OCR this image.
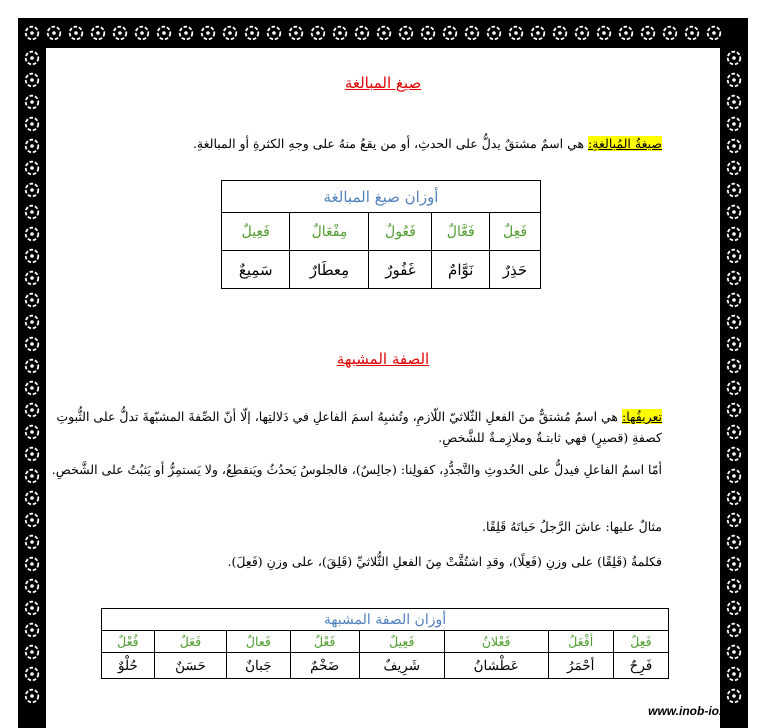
صيغ المبالغة
صيغةُ المُبالغةِ: هي اسمٌ مشتقٌ يدلُّ على الحدثِ، أو من يقعُ منهُ على وجهِ الكثرةِ أو المبالغةِ.
أوزان صيغ المبالغة				
فَعِلٌ	فَعَّالٌ	فَعُولٌ	مِفْعَالٌ	فَعِيلٌ
حَذِرٌ	نَوَّامٌ	غَفُورٌ	مِعطَارٌ	سَمِيعٌ
الصفة المشبهة
تعريفُها: هي اسمٌ مُشتقٌّ منَ الفعلِ الثّلاثيّ اللّازمِ، وتُشبِهُ اسمَ الفاعلِ في دَلالتِها، إلّا أنّ الصِّفةَ المشبّهةَ تدلُّ على الثُّبوتِ كصفةِ (قصيرٍ) فهي ثابتـةٌ وملازِمـةٌ للشَّخصِ.
أمّا اسمُ الفاعلِ فيدلُّ على الحُدوثِ والتَّجدُّدِ، كقولِنا: (جالِسٌ)، فالجلوسُ يَحدُثُ ويَنقطِعُ، ولا يَستمِرُّ أو يَثبُتُ على الشَّخصِ.
مثالٌ عليها: عاشَ الرَّجلُ حَياتَهُ قَلِقًا.
فكلمةُ (قَلِقًا) على وزنِ (فَعِلًا)، وقدِ اشتُقَّتْ مِنَ الفعلِ الثُّلاثيِّ (قَلِقَ)، على وزنِ (فَعِلَ).
أوزان الصفة المشبهة							
فَعِلٌ	أفْعَلُ	فَعْلانُ	فَعِيلٌ	فَعْلٌ	فَعالٌ	فَعَلٌ	فُعْلٌ
فَرِحٌ	أحْمَرُ	عَطْشانُ	شَرِيفٌ	ضَخْمٌ	جَبانٌ	حَسَنٌ	حُلْوٌ
www.inob-io.com
